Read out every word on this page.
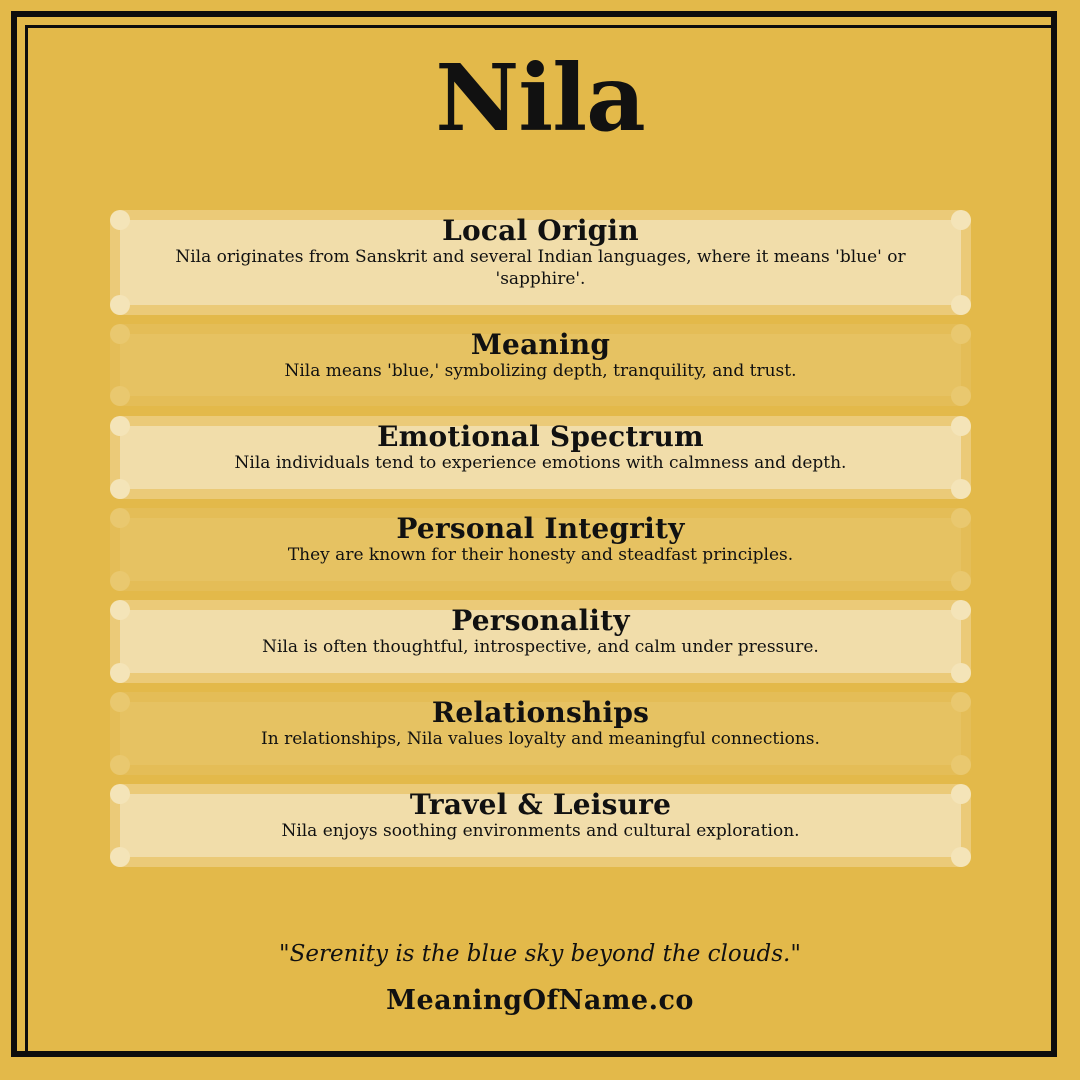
Nila
Local Origin
Nila originates from Sanskrit and several Indian languages, where it means 'blue' or 'sapphire'.
Meaning
Nila means 'blue,' symbolizing depth, tranquility, and trust.
Emotional Spectrum
Nila individuals tend to experience emotions with calmness and depth.
Personal Integrity
They are known for their honesty and steadfast principles.
Personality
Nila is often thoughtful, introspective, and calm under pressure.
Relationships
In relationships, Nila values loyalty and meaningful connections.
Travel & Leisure
Nila enjoys soothing environments and cultural exploration.
"Serenity is the blue sky beyond the clouds."
MeaningOfName.co
